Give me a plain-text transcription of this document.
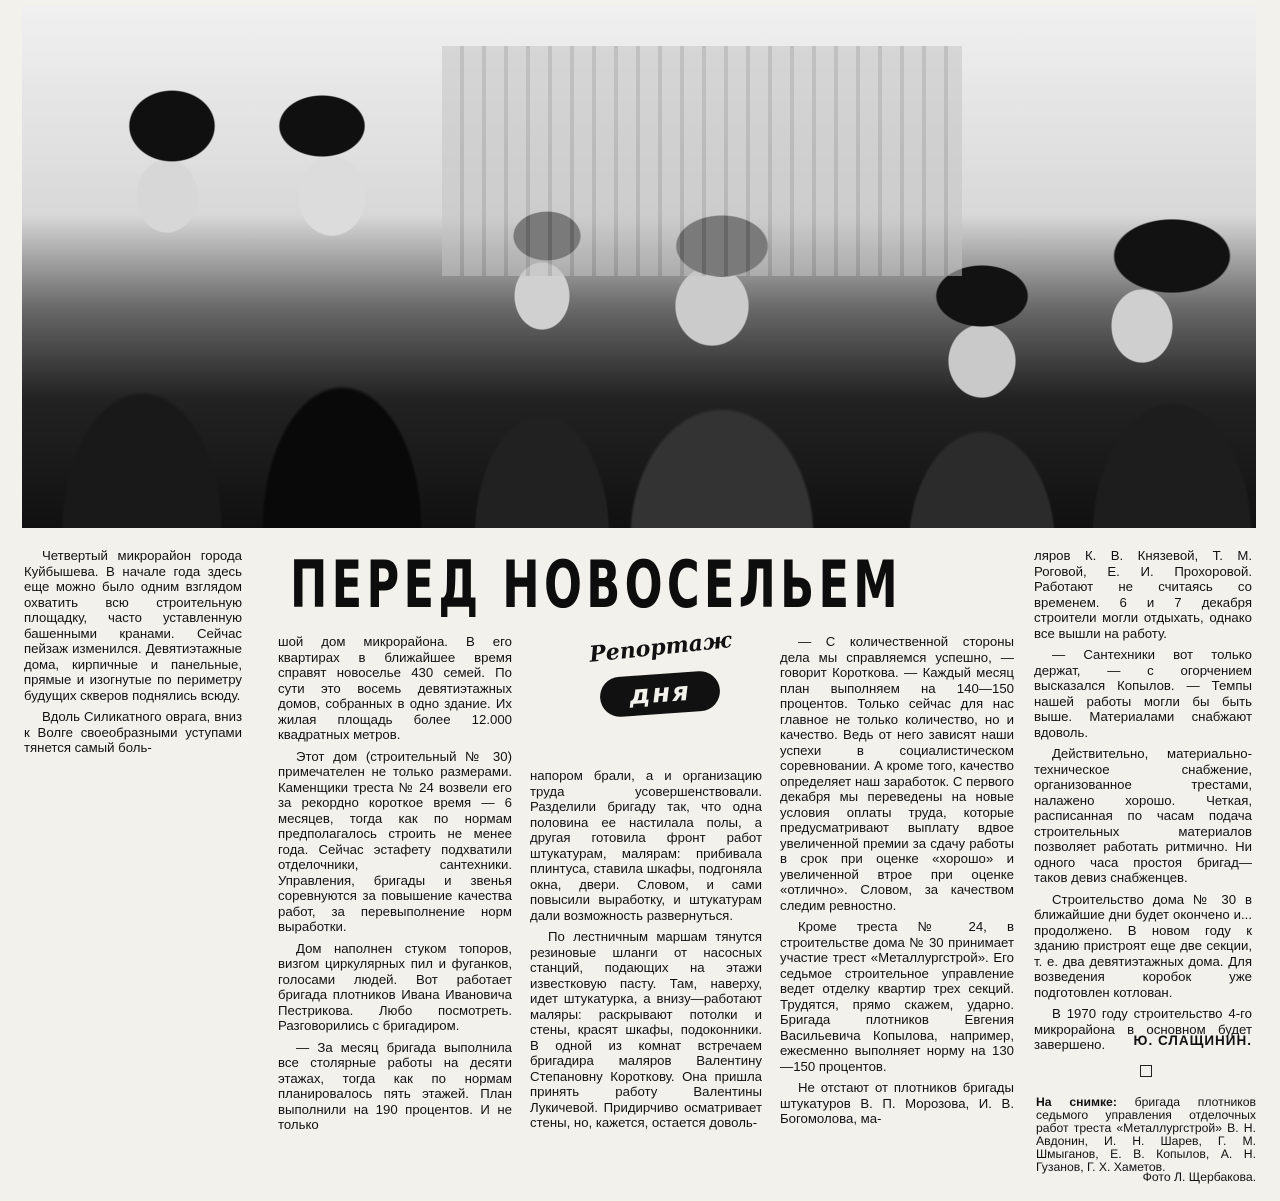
Четвертый микрорайон города Куйбышева. В начале года здесь еще можно было одним взглядом охватить всю строительную площадку, часто уставленную башенными кранами. Сейчас пейзаж изменился. Девятиэтажные дома, кирпичные и панельные, прямые и изогнутые по периметру будущих скверов поднялись всюду.

Вдоль Силикатного оврага, вниз к Волге своеобразными уступами тянется самый боль-

ПЕРЕД НОВОСЕЛЬЕМ
Репортаж
дня

шой дом микрорайона. В его квартирах в ближайшее время справят новоселье 430 семей. По сути это восемь девятиэтажных домов, собранных в одно здание. Их жилая площадь более 12.000 квадратных метров.

Этот дом (строительный № 30) примечателен не только размерами. Каменщики треста № 24 возвели его за рекордно короткое время — 6 месяцев, тогда как по нормам предполагалось строить не менее года. Сейчас эстафету подхватили отделочники, сантехники. Управления, бригады и звенья соревнуются за повышение качества работ, за перевыполнение норм выработки.

Дом наполнен стуком топоров, визгом циркулярных пил и фуганков, голосами людей. Вот работает бригада плотников Ивана Ивановича Пестрикова. Любо посмотреть. Разговорились с бригадиром.

— За месяц бригада выполнила все столярные работы на десяти этажах, тогда как по нормам планировалось пять этажей. План выполнили на 190 процентов. И не только

напором брали, а и организацию труда усовершенствовали. Разделили бригаду так, что одна половина ее настилала полы, а другая готовила фронт работ штукатурам, малярам: прибивала плинтуса, ставила шкафы, подгоняла окна, двери. Словом, и сами повысили выработку, и штукатурам дали возможность развернуться.

По лестничным маршам тянутся резиновые шланги от насосных станций, подающих на этажи известковую пасту. Там, наверху, идет штукатурка, а внизу—работают маляры: раскрывают потолки и стены, красят шкафы, подоконники. В одной из комнат встречаем бригадира маляров Валентину Степановну Короткову. Она пришла принять работу Валентины Лукичевой. Придирчиво осматривает стены, но, кажется, остается доволь-

— С количественной стороны дела мы справляемся успешно, — говорит Короткова. — Каждый месяц план выполняем на 140—150 процентов. Только сейчас для нас главное не только количество, но и качество. Ведь от него зависят наши успехи в социалистическом соревновании. А кроме того, качество определяет наш заработок. С первого декабря мы переведены на новые условия оплаты труда, которые предусматривают выплату вдвое увеличенной премии за сдачу работы в срок при оценке «хорошо» и увеличенной втрое при оценке «отлично». Словом, за качеством следим ревностно.

Кроме треста № 24, в строительстве дома № 30 принимает участие трест «Металлургстрой». Его седьмое строительное управление ведет отделку квартир трех секций. Трудятся, прямо скажем, ударно. Бригада плотников Евгения Васильевича Копылова, например, ежесменно выполняет норму на 130—150 процентов.

Не отстают от плотников бригады штукатуров В. П. Морозова, И. В. Богомолова, ма-

ляров К. В. Князевой, Т. М. Роговой, Е. И. Прохоровой. Работают не считаясь со временем. 6 и 7 декабря строители могли отдыхать, однако все вышли на работу.

— Сантехники вот только держат, — с огорчением высказался Копылов. — Темпы нашей работы могли бы быть выше. Материалами снабжают вдоволь.

Действительно, материально-техническое снабжение, организованное трестами, налажено хорошо. Четкая, расписанная по часам подача строительных материалов позволяет работать ритмично. Ни одного часа простоя бригад— таков девиз снабженцев.

Строительство дома № 30 в ближайшие дни будет окончено и... продолжено. В новом году к зданию пристроят еще две секции, т. е. два девятиэтажных дома. Для возведения коробок уже подготовлен котлован.

В 1970 году строительство 4-го микрорайона в основном будет завершено.	Ю. СЛАЩИНИН.
На снимке: бригада плотников седьмого управления отделочных работ треста «Металлургстрой» В. Н. Авдонин, И. Н. Шарев, Г. М. Шмыганов, Е. В. Копылов, А. Н. Гузанов, Г. Х. Хаметов.
Фото Л. Щербакова.
